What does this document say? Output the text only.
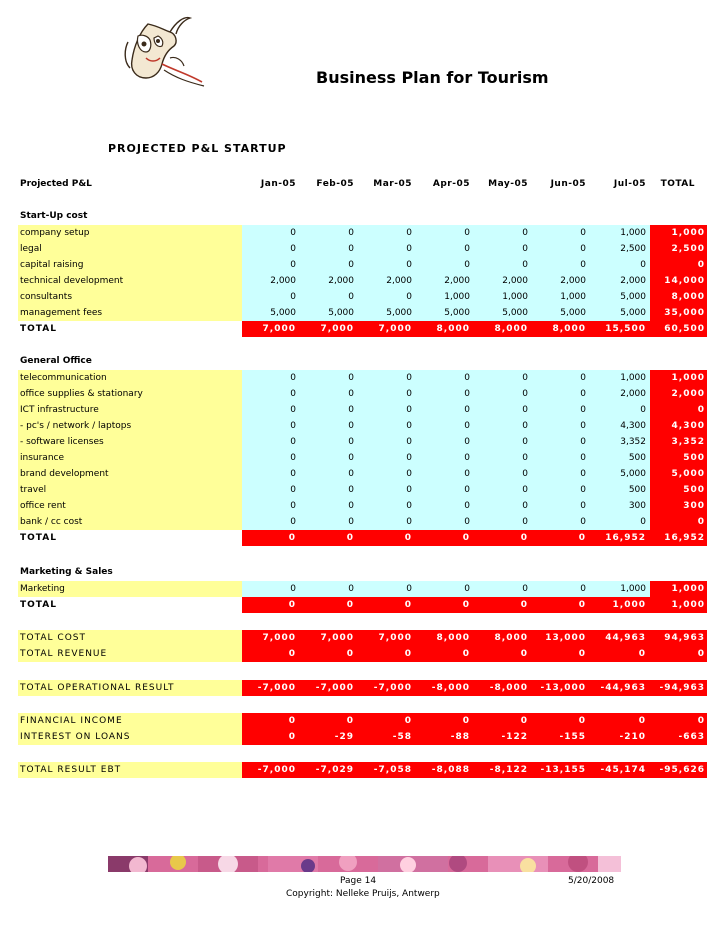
Business Plan for Tourism
PROJECTED P&L STARTUP
Projected P&L	Jan-05	Feb-05	Mar-05	Apr-05	May-05	Jun-05	Jul-05	TOTAL
Start-Up cost
company setup	0	0	0	0	0	0	1,000	1,000
legal	0	0	0	0	0	0	2,500	2,500
capital raising	0	0	0	0	0	0	0	0
technical development	2,000	2,000	2,000	2,000	2,000	2,000	2,000	14,000
consultants	0	0	0	1,000	1,000	1,000	5,000	8,000
management fees	5,000	5,000	5,000	5,000	5,000	5,000	5,000	35,000
TOTAL	7,000	7,000	7,000	8,000	8,000	8,000	15,500	60,500
General Office
telecommunication	0	0	0	0	0	0	1,000	1,000
office supplies & stationary	0	0	0	0	0	0	2,000	2,000
ICT infrastructure	0	0	0	0	0	0	0	0
- pc's / network / laptops	0	0	0	0	0	0	4,300	4,300
- software licenses	0	0	0	0	0	0	3,352	3,352
insurance	0	0	0	0	0	0	500	500
brand development	0	0	0	0	0	0	5,000	5,000
travel	0	0	0	0	0	0	500	500
office rent	0	0	0	0	0	0	300	300
bank / cc cost	0	0	0	0	0	0	0	0
TOTAL	0	0	0	0	0	0	16,952	16,952
Marketing & Sales
Marketing	0	0	0	0	0	0	1,000	1,000
TOTAL	0	0	0	0	0	0	1,000	1,000
TOTAL COST	7,000	7,000	7,000	8,000	8,000	13,000	44,963	94,963
TOTAL REVENUE	0	0	0	0	0	0	0	0
TOTAL OPERATIONAL RESULT	-7,000	-7,000	-7,000	-8,000	-8,000	-13,000	-44,963	-94,963
FINANCIAL INCOME	0	0	0	0	0	0	0	0
INTEREST ON LOANS	0	-29	-58	-88	-122	-155	-210	-663
TOTAL RESULT EBT	-7,000	-7,029	-7,058	-8,088	-8,122	-13,155	-45,174	-95,626
Page 14	5/20/2008
Copyright: Nelleke Pruijs, Antwerp
